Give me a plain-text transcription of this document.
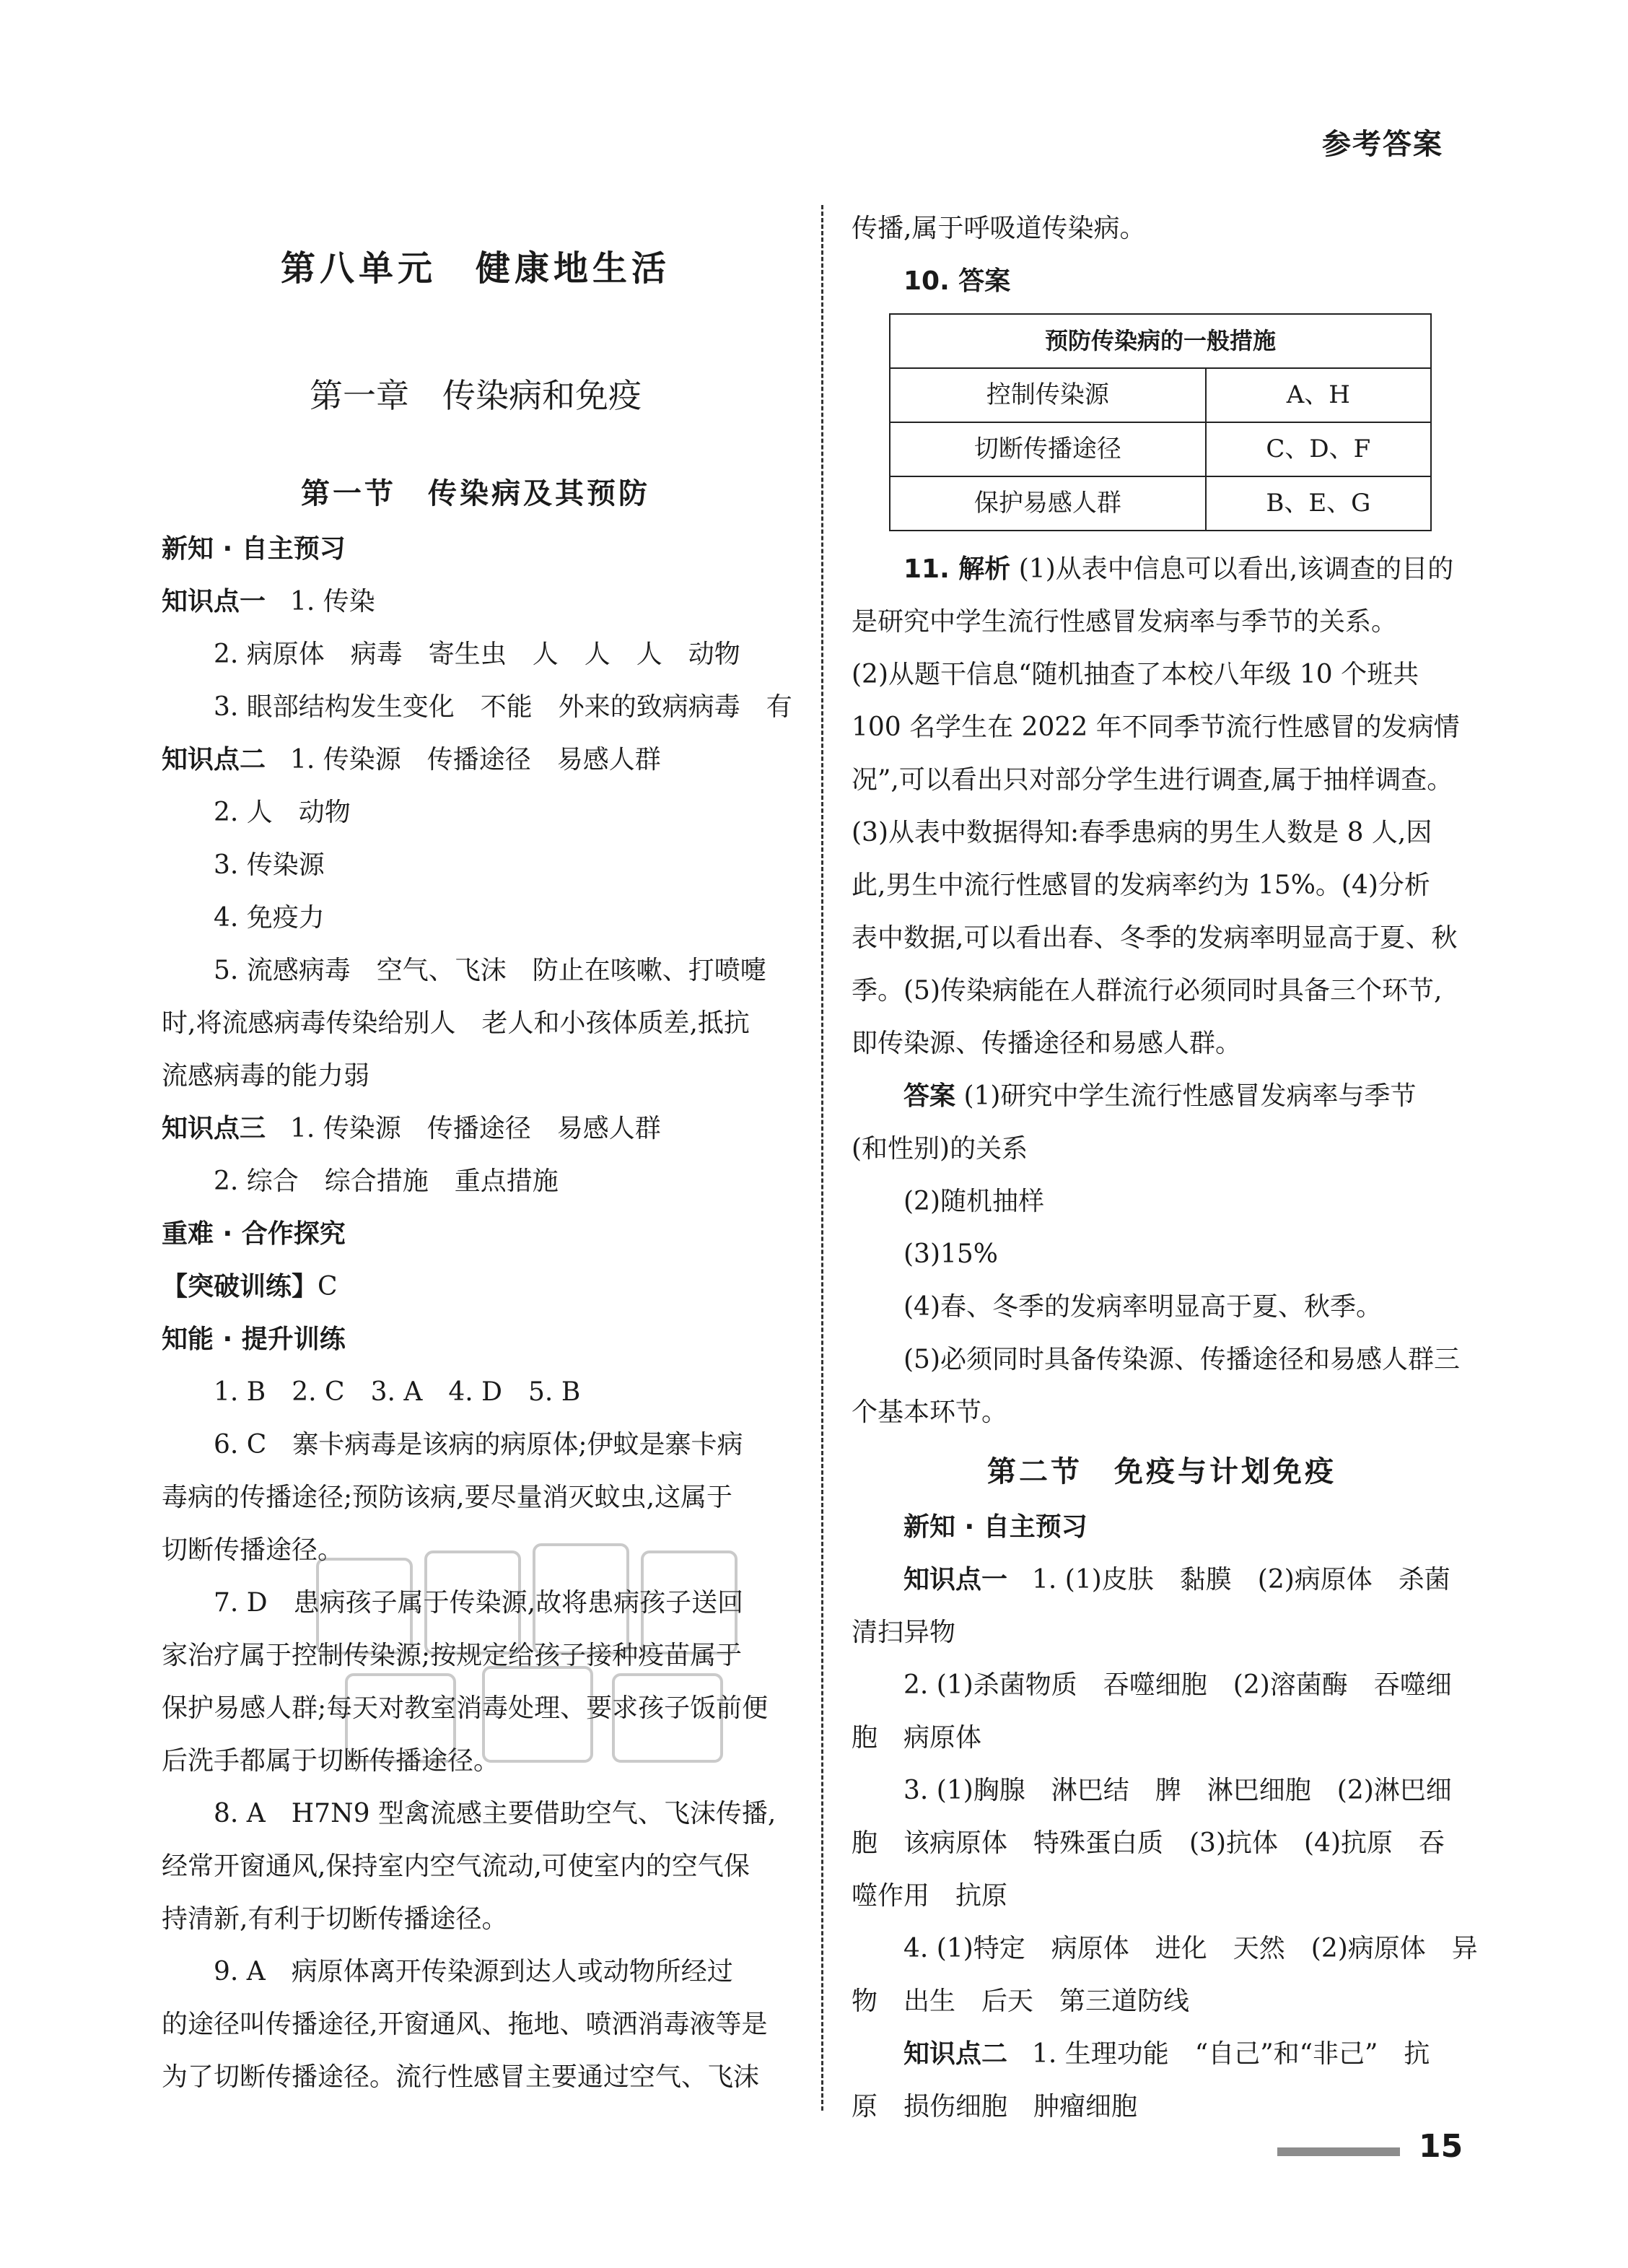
参考答案
第八单元　健康地生活
第一章　传染病和免疫
第一节　传染病及其预防
新知 · 自主预习
知识点一 1. 传染
2. 病原体　病毒　寄生虫　人　人　人　动物
3. 眼部结构发生变化　不能　外来的致病病毒　有
知识点二 1. 传染源　传播途径　易感人群
2. 人　动物
3. 传染源
4. 免疫力
5. 流感病毒　空气、飞沫　防止在咳嗽、打喷嚏
时,将流感病毒传染给别人　老人和小孩体质差,抵抗
流感病毒的能力弱
知识点三 1. 传染源　传播途径　易感人群
2. 综合　综合措施　重点措施
重难 · 合作探究
【突破训练】C
知能 · 提升训练
1. B　2. C　3. A　4. D　5. B
6. C　寨卡病毒是该病的病原体;伊蚊是寨卡病
毒病的传播途径;预防该病,要尽量消灭蚊虫,这属于
切断传播途径。
7. D　患病孩子属于传染源,故将患病孩子送回
家治疗属于控制传染源;按规定给孩子接种疫苗属于
保护易感人群;每天对教室消毒处理、要求孩子饭前便
后洗手都属于切断传播途径。
8. A　H7N9 型禽流感主要借助空气、飞沫传播,
经常开窗通风,保持室内空气流动,可使室内的空气保
持清新,有利于切断传播途径。
9. A　病原体离开传染源到达人或动物所经过
的途径叫传播途径,开窗通风、拖地、喷洒消毒液等是
为了切断传播途径。流行性感冒主要通过空气、飞沫
传播,属于呼吸道传染病。
10. 答案
预防传染病的一般措施	
控制传染源	A、H
切断传播途径	C、D、F
保护易感人群	B、E、G
11. 解析 (1)从表中信息可以看出,该调查的目的
是研究中学生流行性感冒发病率与季节的关系。
(2)从题干信息“随机抽查了本校八年级 10 个班共
100 名学生在 2022 年不同季节流行性感冒的发病情
况”,可以看出只对部分学生进行调查,属于抽样调查。
(3)从表中数据得知:春季患病的男生人数是 8 人,因
此,男生中流行性感冒的发病率约为 15%。(4)分析
表中数据,可以看出春、冬季的发病率明显高于夏、秋
季。(5)传染病能在人群流行必须同时具备三个环节,
即传染源、传播途径和易感人群。
答案 (1)研究中学生流行性感冒发病率与季节
(和性别)的关系
(2)随机抽样
(3)15%
(4)春、冬季的发病率明显高于夏、秋季。
(5)必须同时具备传染源、传播途径和易感人群三
个基本环节。
第二节　免疫与计划免疫
新知 · 自主预习
知识点一 1. (1)皮肤　黏膜　(2)病原体　杀菌
清扫异物
2. (1)杀菌物质　吞噬细胞　(2)溶菌酶　吞噬细
胞　病原体
3. (1)胸腺　淋巴结　脾　淋巴细胞　(2)淋巴细
胞　该病原体　特殊蛋白质　(3)抗体　(4)抗原　吞
噬作用　抗原
4. (1)特定　病原体　进化　天然　(2)病原体　异
物　出生　后天　第三道防线
知识点二 1. 生理功能　“自己”和“非己”　抗
原　损伤细胞　肿瘤细胞
15
